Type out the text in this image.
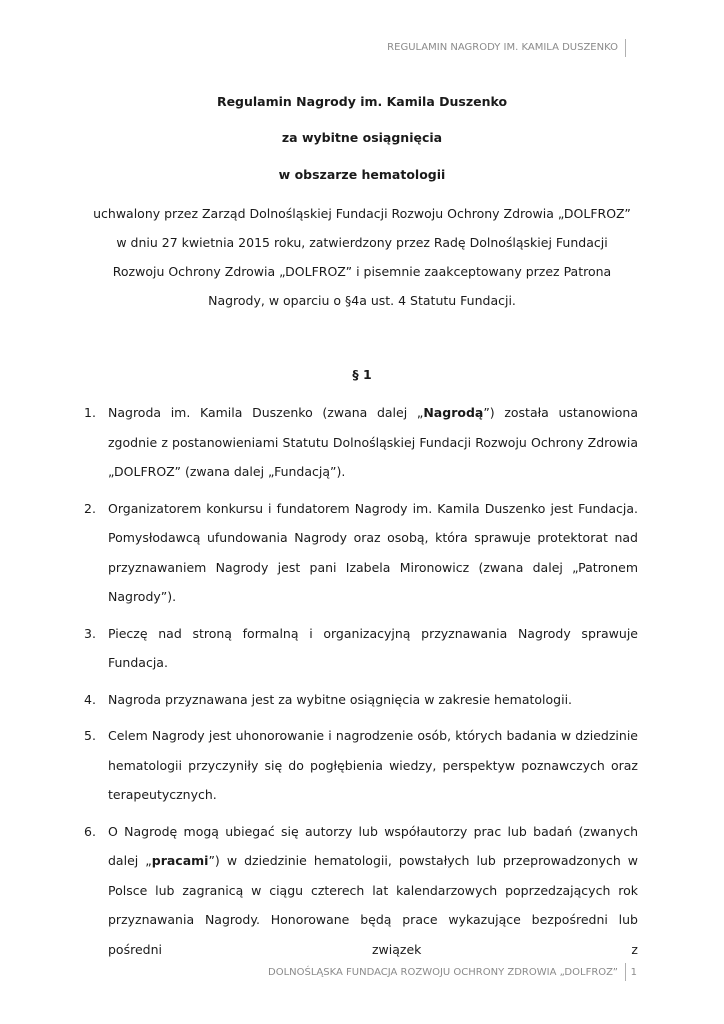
REGULAMIN NAGRODY IM. KAMILA DUSZENKO
Regulamin Nagrody im. Kamila Duszenko
za wybitne osiągnięcia
w obszarze hematologii
uchwalony przez Zarząd Dolnośląskiej Fundacji Rozwoju Ochrony Zdrowia „DOLFROZ”
w dniu 27 kwietnia 2015 roku, zatwierdzony przez Radę Dolnośląskiej Fundacji
Rozwoju Ochrony Zdrowia „DOLFROZ” i pisemnie zaakceptowany przez Patrona
Nagrody, w oparciu o §4a ust. 4 Statutu Fundacji.
§ 1
1. Nagroda im. Kamila Duszenko (zwana dalej „Nagrodą”) została ustanowiona zgodnie z postanowieniami Statutu Dolnośląskiej Fundacji Rozwoju Ochrony Zdrowia „DOLFROZ” (zwana dalej „Fundacją”).
2. Organizatorem konkursu i fundatorem Nagrody im. Kamila Duszenko jest Fundacja. Pomysłodawcą ufundowania Nagrody oraz osobą, która sprawuje protektorat nad przyznawaniem Nagrody jest pani Izabela Mironowicz (zwana dalej „Patronem Nagrody”).
3. Pieczę nad stroną formalną i organizacyjną przyznawania Nagrody sprawuje Fundacja.
4. Nagroda przyznawana jest za wybitne osiągnięcia w zakresie hematologii.
5. Celem Nagrody jest uhonorowanie i nagrodzenie osób, których badania w dziedzinie hematologii przyczyniły się do pogłębienia wiedzy, perspektyw poznawczych oraz terapeutycznych.
6. O Nagrodę mogą ubiegać się autorzy lub współautorzy prac lub badań (zwanych dalej „pracami”) w dziedzinie hematologii, powstałych lub przeprowadzonych w Polsce lub zagranicą w ciągu czterech lat kalendarzowych poprzedzających rok przyznawania Nagrody. Honorowane będą prace wykazujące bezpośredni lub pośredni związek z
DOLNOŚLĄSKA FUNDACJA ROZWOJU OCHRONY ZDROWIA „DOLFROZ” 1
